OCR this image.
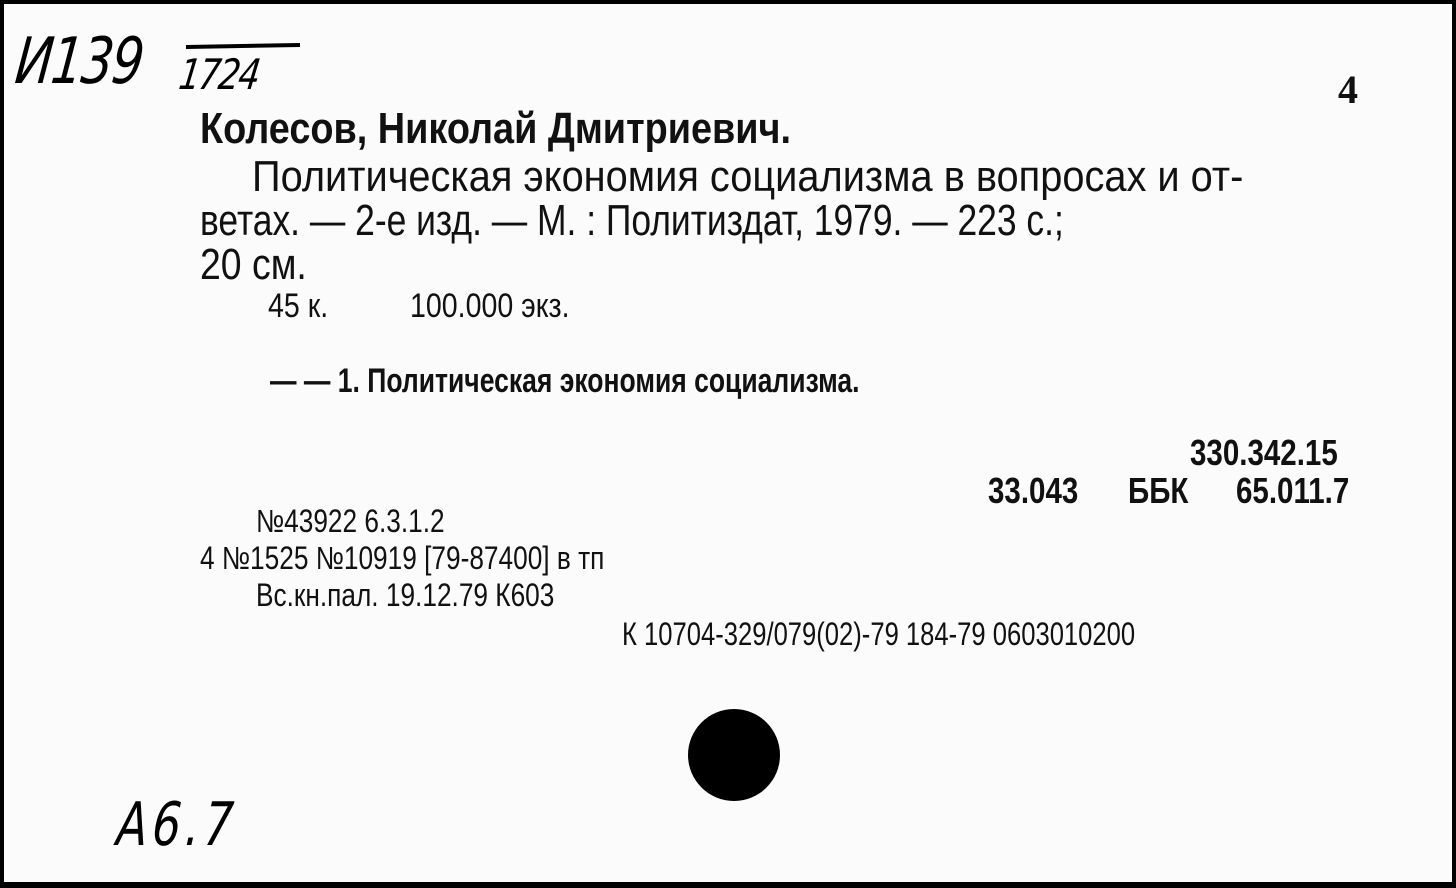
И139 1724	4
Колесов, Николай Дмитриевич.
Политическая экономия социализма в вопросах и от-
ветах. — 2-е изд. — М. : Политиздат, 1979. — 223 с.;
20 см.
45 к. 100.000 экз.
— — 1. Политическая экономия социализма.
330.342.15
33.043 ББК 65.011.7
№43922 6.3.1.2
4 №1525 №10919 [79-87400] в тп
Вс.кн.пал. 19.12.79 К603
К 10704-329/079(02)-79 184-79 0603010200
А6.7
